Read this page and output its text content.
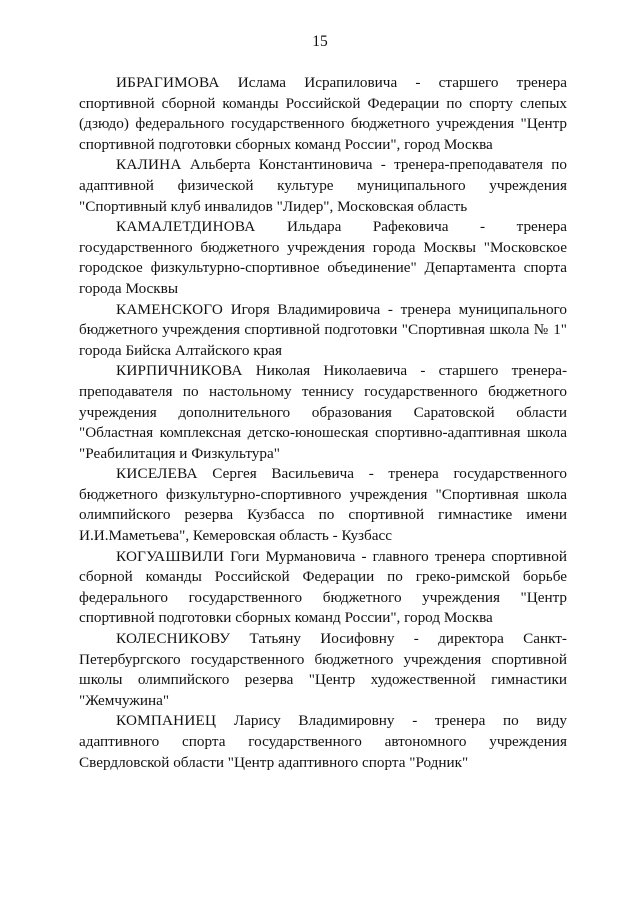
15

ИБРАГИМОВА Ислама Исрапиловича - старшего тренера спортивной сборной команды Российской Федерации по спорту слепых (дзюдо) федерального государственного бюджетного учреждения "Центр спортивной подготовки сборных команд России", город Москва

КАЛИНА Альберта Константиновича - тренера-преподавателя по адаптивной физической культуре муниципального учреждения "Спортивный клуб инвалидов "Лидер", Московская область

КАМАЛЕТДИНОВА Ильдара Рафековича - тренера государственного бюджетного учреждения города Москвы "Московское городское физкультурно-спортивное объединение" Департамента спорта города Москвы

КАМЕНСКОГО Игоря Владимировича - тренера муниципального бюджетного учреждения спортивной подготовки "Спортивная школа № 1" города Бийска Алтайского края

КИРПИЧНИКОВА Николая Николаевича - старшего тренера-преподавателя по настольному теннису государственного бюджетного учреждения дополнительного образования Саратовской области "Областная комплексная детско-юношеская спортивно-адаптивная школа "Реабилитация и Физкультура"

КИСЕЛЕВА Сергея Васильевича - тренера государственного бюджетного физкультурно-спортивного учреждения "Спортивная школа олимпийского резерва Кузбасса по спортивной гимнастике имени И.И.Маметьева", Кемеровская область - Кузбасс

КОГУАШВИЛИ Гоги Мурмановича - главного тренера спортивной сборной команды Российской Федерации по греко-римской борьбе федерального государственного бюджетного учреждения "Центр спортивной подготовки сборных команд России", город Москва

КОЛЕСНИКОВУ Татьяну Иосифовну - директора Санкт-Петербургского государственного бюджетного учреждения спортивной школы олимпийского резерва "Центр художественной гимнастики "Жемчужина"

КОМПАНИЕЦ Ларису Владимировну - тренера по виду адаптивного спорта государственного автономного учреждения Свердловской области "Центр адаптивного спорта "Родник"
